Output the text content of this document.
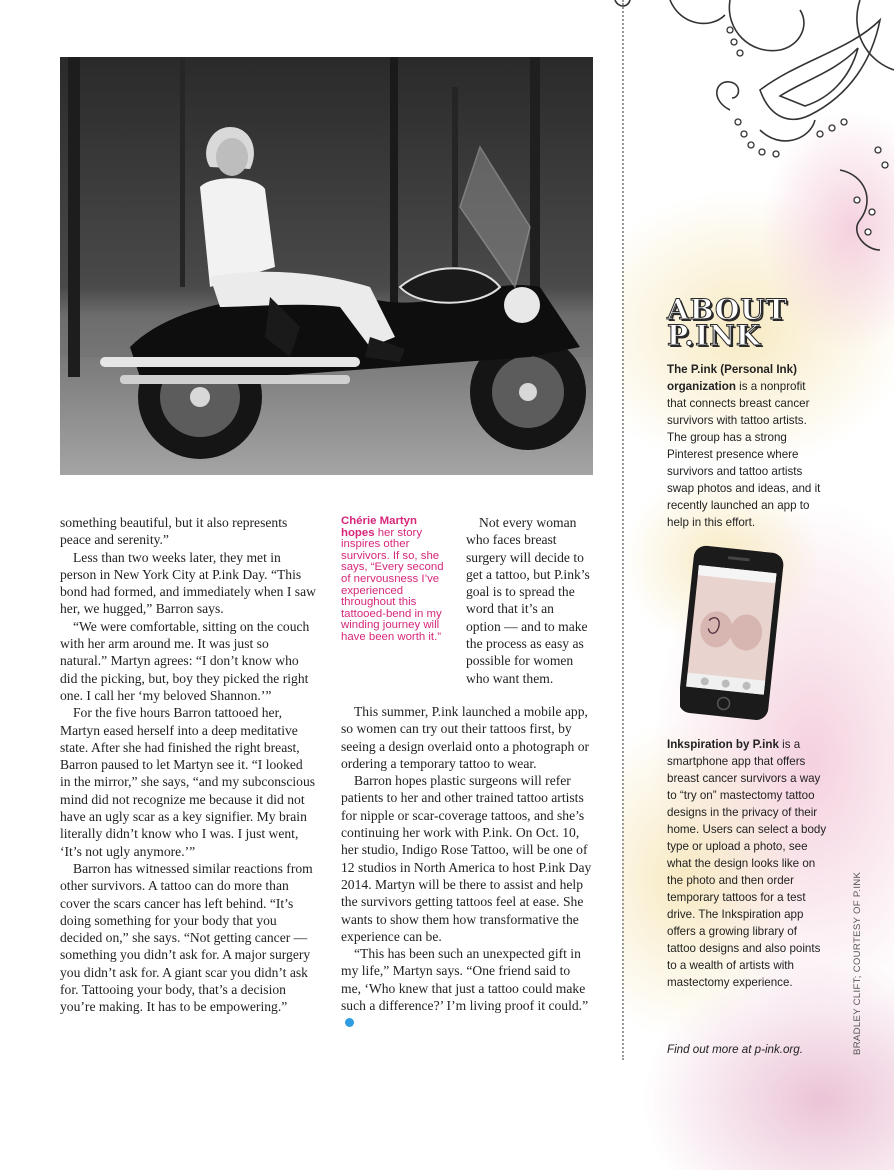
something beautiful, but it also represents peace and serenity.”

Less than two weeks later, they met in person in New York City at P.ink Day. “This bond had formed, and immediately when I saw her, we hugged,” Barron says.

“We were comfortable, sitting on the couch with her arm around me. It was just so natural.” Martyn agrees: “I don’t know who did the picking, but, boy they picked the right one. I call her ‘my beloved Shannon.’”

For the five hours Barron tattooed her, Martyn eased herself into a deep meditative state. After she had finished the right breast, Barron paused to let Martyn see it. “I looked in the mirror,” she says, “and my subconscious mind did not recognize me because it did not have an ugly scar as a key signifier. My brain literally didn’t know who I was. I just went, ‘It’s not ugly anymore.’”

Barron has witnessed similar reactions from other survivors. A tattoo can do more than cover the scars cancer has left behind. “It’s doing something for your body that you decided on,” she says. “Not getting cancer — something you didn’t ask for. A major surgery you didn’t ask for. A giant scar you didn’t ask for. Tattooing your body, that’s a decision you’re making. It has to be empowering.”

Chérie Martyn hopes her story inspires other survivors. If so, she says, “Every second of nervousness I’ve experienced throughout this tattooed-bend in my winding journey will have been worth it.”

Not every woman who faces breast surgery will decide to get a tattoo, but P.ink’s goal is to spread the word that it’s an option — and to make the process as easy as possible for women who want them.

This summer, P.ink launched a mobile app, so women can try out their tattoos first, by seeing a design overlaid onto a photograph or ordering a temporary tattoo to wear.

Barron hopes plastic surgeons will refer patients to her and other trained tattoo artists for nipple or scar-coverage tattoos, and she’s continuing her work with P.ink. On Oct. 10, her studio, Indigo Rose Tattoo, will be one of 12 studios in North America to host P.ink Day 2014. Martyn will be there to assist and help the survivors getting tattoos feel at ease. She wants to show them how transformative the experience can be.

“This has been such an unexpected gift in my life,” Martyn says. “One friend said to me, ‘Who knew that just a tattoo could make such a difference?’ I’m living proof it could.”

ABOUT
P.INK
The P.ink (Personal Ink) organization is a nonprofit that connects breast cancer survivors with tattoo artists. The group has a strong Pinterest presence where survivors and tattoo artists swap photos and ideas, and it recently launched an app to help in this effort.
Inkspiration by P.ink is a smartphone app that offers breast cancer survivors a way to “try on” mastectomy tattoo designs in the privacy of their home. Users can select a body type or upload a photo, see what the design looks like on the photo and then order temporary tattoos for a test drive. The Inkspiration app offers a growing library of tattoo designs and also points to a wealth of artists with mastectomy experience.
Find out more at p-ink.org.	BRADLEY CLIFT; COURTESY OF P.INK
